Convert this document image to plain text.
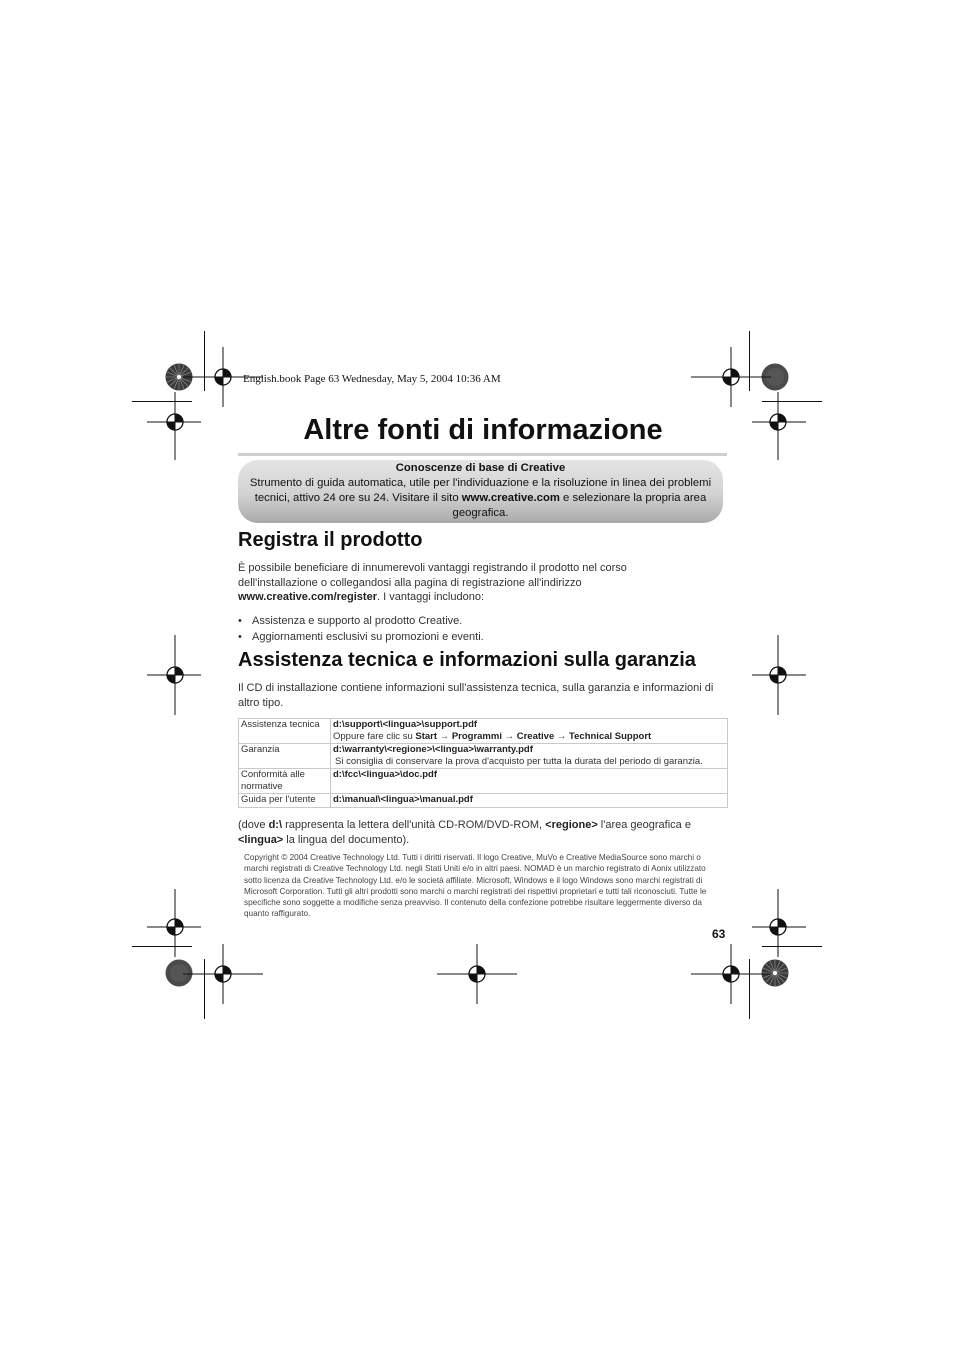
English.book Page 63 Wednesday, May 5, 2004 10:36 AM
Altre fonti di informazione
Conoscenze di base di Creative
Strumento di guida automatica, utile per l'individuazione e la risoluzione in linea dei problemi tecnici, attivo 24 ore su 24. Visitare il sito www.creative.com e selezionare la propria area geografica.
Registra il prodotto

È possibile beneficiare di innumerevoli vantaggi registrando il prodotto nel corso dell'installazione o collegandosi alla pagina di registrazione all'indirizzo www.creative.com/register. I vantaggi includono:

• Assistenza e supporto al prodotto Creative.
• Aggiornamenti esclusivi su promozioni e eventi.
Assistenza tecnica e informazioni sulla garanzia

Il CD di installazione contiene informazioni sull'assistenza tecnica, sulla garanzia e informazioni di altro tipo.

Assistenza tecnica	d:\support\<lingua>\support.pdf
Oppure fare clic su Start → Programmi → Creative → Technical Support

Garanzia	d:\warranty\<regione>\<lingua>\warranty.pdf
Si consiglia di conservare la prova d'acquisto per tutta la durata del periodo di garanzia.

Conformità alle normative	d:\fcc\<lingua>\doc.pdf

Guida per l'utente	d:\manual\<lingua>\manual.pdf

(dove d:\ rappresenta la lettera dell'unità CD-ROM/DVD-ROM, <regione> l'area geografica e <lingua> la lingua del documento).

Copyright © 2004 Creative Technology Ltd. Tutti i diritti riservati. Il logo Creative, MuVo e Creative MediaSource sono marchi o marchi registrati di Creative Technology Ltd. negli Stati Uniti e/o in altri paesi. NOMAD è un marchio registrato di Aonix utilizzato sotto licenza da Creative Technology Ltd. e/o le società affiliate. Microsoft, Windows e il logo Windows sono marchi registrati di Microsoft Corporation. Tutti gli altri prodotti sono marchi o marchi registrati dei rispettivi proprietari e tutti tali riconosciuti. Tutte le specifiche sono soggette a modifiche senza preavviso. Il contenuto della confezione potrebbe risultare leggermente diverso da quanto raffigurato.

63
